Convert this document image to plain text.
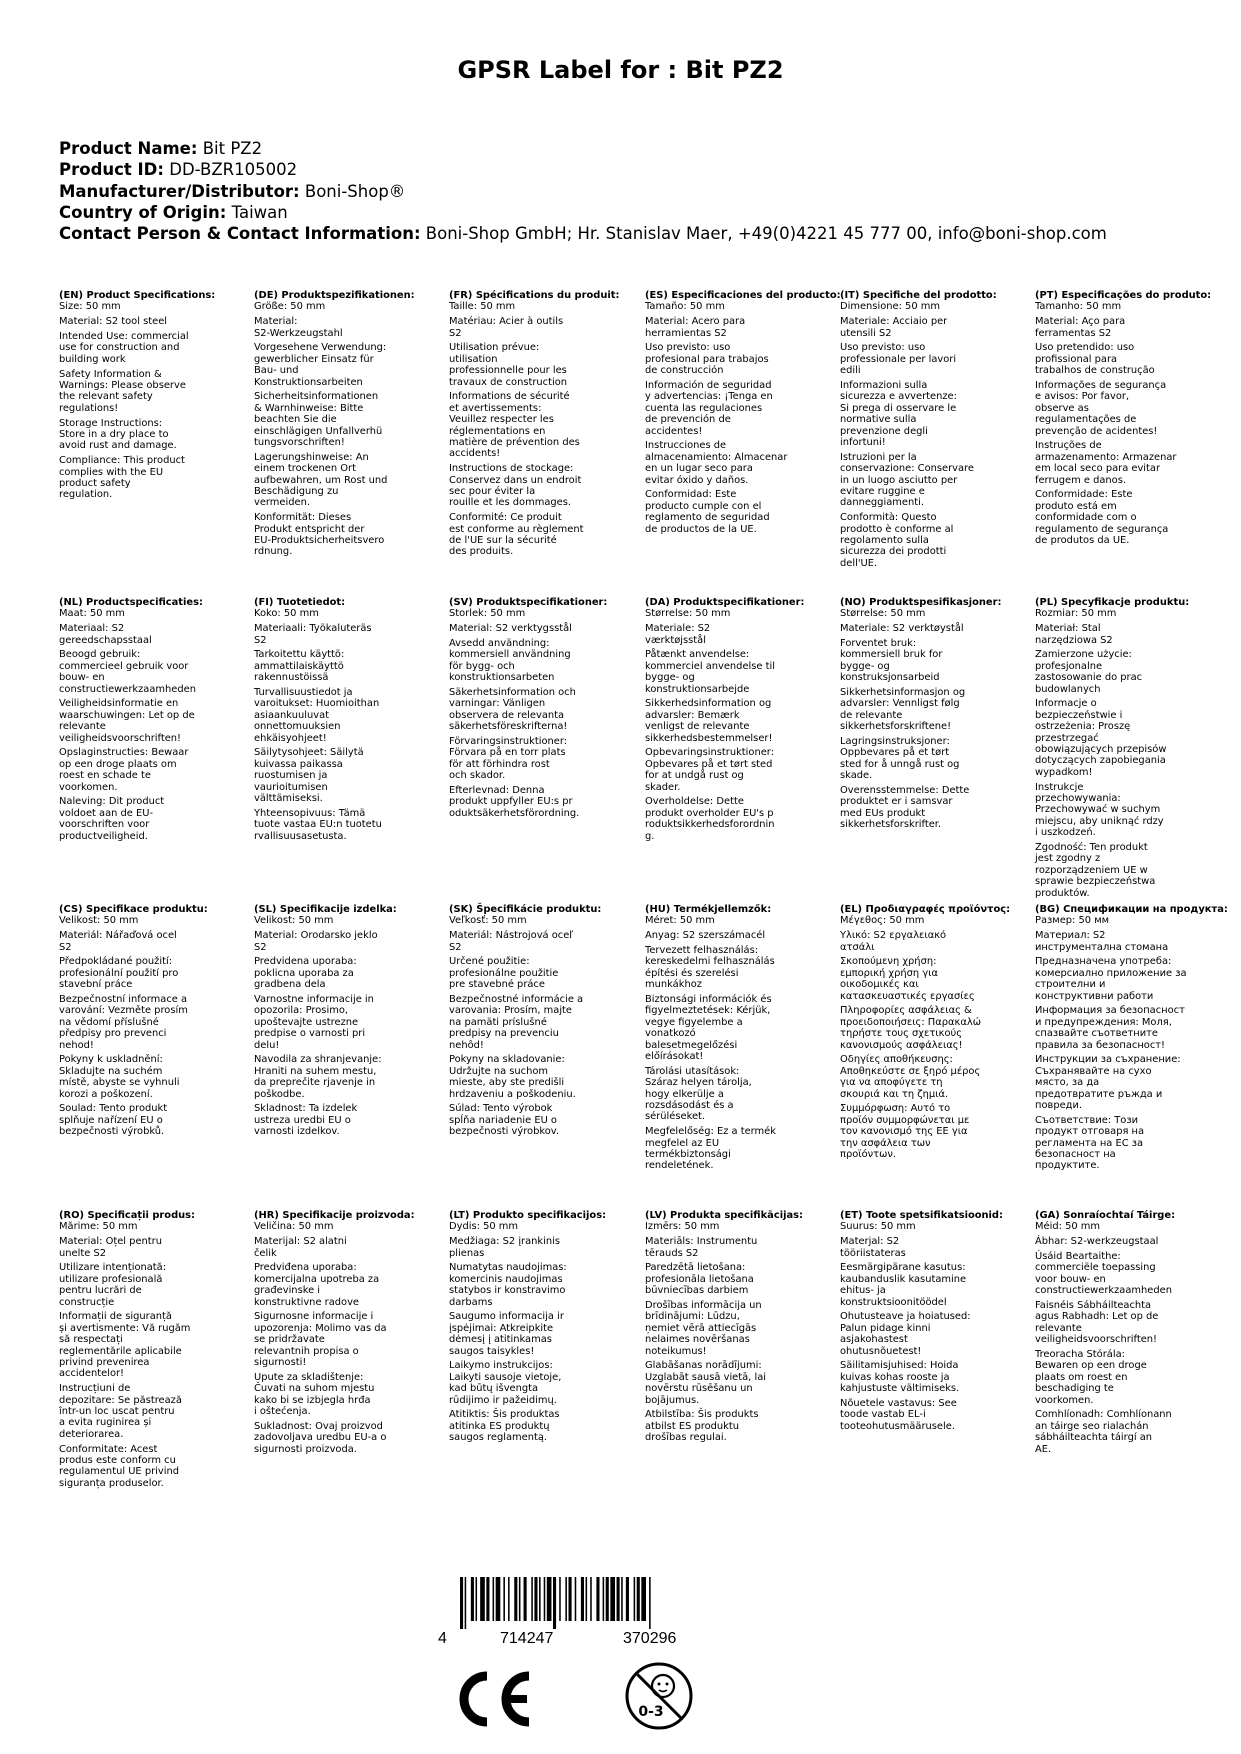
GPSR Label for : Bit PZ2
Product Name: Bit PZ2
Product ID: DD-BZR105002
Manufacturer/Distributor: Boni-Shop®
Country of Origin: Taiwan
Contact Person & Contact Information: Boni-Shop GmbH; Hr. Stanislav Maer, +49(0)4221 45 777 00, info@boni-shop.com
(EN) Product Specifications:

Size: 50 mm

Material: S2 tool steel

Intended Use: commercial
use for construction and
building work

Safety Information &
Warnings: Please observe
the relevant safety
regulations!

Storage Instructions:
Store in a dry place to
avoid rust and damage.

Compliance: This product
complies with the EU
product safety
regulation.

(DE) Produktspezifikationen:

Größe: 50 mm

Material:
S2-Werkzeugstahl

Vorgesehene Verwendung:
gewerblicher Einsatz für
Bau- und
Konstruktionsarbeiten

Sicherheitsinformationen
& Warnhinweise: Bitte
beachten Sie die
einschlägigen Unfallverhü
tungsvorschriften!

Lagerungshinweise: An
einem trockenen Ort
aufbewahren, um Rost und
Beschädigung zu
vermeiden.

Konformität: Dieses
Produkt entspricht der
EU-Produktsicherheitsvero
rdnung.

(FR) Spécifications du produit:

Taille: 50 mm

Matériau: Acier à outils
S2

Utilisation prévue:
utilisation
professionnelle pour les
travaux de construction

Informations de sécurité
et avertissements:
Veuillez respecter les
réglementations en
matière de prévention des
accidents!

Instructions de stockage:
Conservez dans un endroit
sec pour éviter la
rouille et les dommages.

Conformité: Ce produit
est conforme au règlement
de l'UE sur la sécurité
des produits.

(ES) Especificaciones del producto:

Tamaño: 50 mm

Material: Acero para
herramientas S2

Uso previsto: uso
profesional para trabajos
de construcción

Información de seguridad
y advertencias: ¡Tenga en
cuenta las regulaciones
de prevención de
accidentes!

Instrucciones de
almacenamiento: Almacenar
en un lugar seco para
evitar óxido y daños.

Conformidad: Este
producto cumple con el
reglamento de seguridad
de productos de la UE.

(IT) Specifiche del prodotto:

Dimensione: 50 mm

Materiale: Acciaio per
utensili S2

Uso previsto: uso
professionale per lavori
edili

Informazioni sulla
sicurezza e avvertenze:
Si prega di osservare le
normative sulla
prevenzione degli
infortuni!

Istruzioni per la
conservazione: Conservare
in un luogo asciutto per
evitare ruggine e
danneggiamenti.

Conformità: Questo
prodotto è conforme al
regolamento sulla
sicurezza dei prodotti
dell'UE.

(PT) Especificações do produto:

Tamanho: 50 mm

Material: Aço para
ferramentas S2

Uso pretendido: uso
profissional para
trabalhos de construção

Informações de segurança
e avisos: Por favor,
observe as
regulamentações de
prevenção de acidentes!

Instruções de
armazenamento: Armazenar
em local seco para evitar
ferrugem e danos.

Conformidade: Este
produto está em
conformidade com o
regulamento de segurança
de produtos da UE.

(NL) Productspecificaties:

Maat: 50 mm

Materiaal: S2
gereedschapsstaal

Beoogd gebruik:
commercieel gebruik voor
bouw- en
constructiewerkzaamheden

Veiligheidsinformatie en
waarschuwingen: Let op de
relevante
veiligheidsvoorschriften!

Opslaginstructies: Bewaar
op een droge plaats om
roest en schade te
voorkomen.

Naleving: Dit product
voldoet aan de EU-
voorschriften voor
productveiligheid.

(FI) Tuotetiedot:

Koko: 50 mm

Materiaali: Työkaluteräs
S2

Tarkoitettu käyttö:
ammattilaiskäyttö
rakennustöissä

Turvallisuustiedot ja
varoitukset: Huomioithan
asiaankuuluvat
onnettomuuksien
ehkäisyohjeet!

Säilytysohjeet: Säilytä
kuivassa paikassa
ruostumisen ja
vaurioitumisen
välttämiseksi.

Yhteensopivuus: Tämä
tuote vastaa EU:n tuotetu
rvallisuusasetusta.

(SV) Produktspecifikationer:

Storlek: 50 mm

Material: S2 verktygsstål

Avsedd användning:
kommersiell användning
för bygg- och
konstruktionsarbeten

Säkerhetsinformation och
varningar: Vänligen
observera de relevanta
säkerhetsföreskrifterna!

Förvaringsinstruktioner:
Förvara på en torr plats
för att förhindra rost
och skador.

Efterlevnad: Denna
produkt uppfyller EU:s pr
oduktsäkerhetsförordning.

(DA) Produktspecifikationer:

Størrelse: 50 mm

Materiale: S2
værktøjsstål

Påtænkt anvendelse:
kommerciel anvendelse til
bygge- og
konstruktionsarbejde

Sikkerhedsinformation og
advarsler: Bemærk
venligst de relevante
sikkerhedsbestemmelser!

Opbevaringsinstruktioner:
Opbevares på et tørt sted
for at undgå rust og
skader.

Overholdelse: Dette
produkt overholder EU's p
roduktsikkerhedsforordnin
g.

(NO) Produktspesifikasjoner:

Størrelse: 50 mm

Materiale: S2 verktøystål

Forventet bruk:
kommersiell bruk for
bygge- og
konstruksjonsarbeid

Sikkerhetsinformasjon og
advarsler: Vennligst følg
de relevante
sikkerhetsforskriftene!

Lagringsinstruksjoner:
Oppbevares på et tørt
sted for å unngå rust og
skade.

Overensstemmelse: Dette
produktet er i samsvar
med EUs produkt
sikkerhetsforskrifter.

(PL) Specyfikacje produktu:

Rozmiar: 50 mm

Materiał: Stal
narzędziowa S2

Zamierzone użycie:
profesjonalne
zastosowanie do prac
budowlanych

Informacje o
bezpieczeństwie i
ostrzeżenia: Proszę
przestrzegać
obowiązujących przepisów
dotyczących zapobiegania
wypadkom!

Instrukcje
przechowywania:
Przechowywać w suchym
miejscu, aby uniknąć rdzy
i uszkodzeń.

Zgodność: Ten produkt
jest zgodny z
rozporządzeniem UE w
sprawie bezpieczeństwa
produktów.

(CS) Specifikace produktu:

Velikost: 50 mm

Materiál: Nářaďová ocel
S2

Předpokládané použití:
profesionální použití pro
stavební práce

Bezpečnostní informace a
varování: Vezměte prosím
na vědomí příslušné
předpisy pro prevenci
nehod!

Pokyny k uskladnění:
Skladujte na suchém
místě, abyste se vyhnuli
korozi a poškození.

Soulad: Tento produkt
splňuje nařízení EU o
bezpečnosti výrobků.

(SL) Specifikacije izdelka:

Velikost: 50 mm

Material: Orodarsko jeklo
S2

Predvidena uporaba:
poklicna uporaba za
gradbena dela

Varnostne informacije in
opozorila: Prosimo,
upoštevajte ustrezne
predpise o varnosti pri
delu!

Navodila za shranjevanje:
Hraniti na suhem mestu,
da preprečite rjavenje in
poškodbe.

Skladnost: Ta izdelek
ustreza uredbi EU o
varnosti izdelkov.

(SK) Špecifikácie produktu:

Veľkosť: 50 mm

Materiál: Nástrojová oceľ
S2

Určené použitie:
profesionálne použitie
pre stavebné práce

Bezpečnostné informácie a
varovania: Prosím, majte
na pamäti príslušné
predpisy na prevenciu
nehôd!

Pokyny na skladovanie:
Udržujte na suchom
mieste, aby ste predišli
hrdzaveniu a poškodeniu.

Súlad: Tento výrobok
spĺňa nariadenie EU o
bezpečnosti výrobkov.

(HU) Termékjellemzők:

Méret: 50 mm

Anyag: S2 szerszámacél

Tervezett felhasználás:
kereskedelmi felhasználás
építési és szerelési
munkákhoz

Biztonsági információk és
figyelmeztetések: Kérjük,
vegye figyelembe a
vonatkozó
balesetmegelőzési
előírásokat!

Tárolási utasítások:
Száraz helyen tárolja,
hogy elkerülje a
rozsdásodást és a
sérüléseket.

Megfelelőség: Ez a termék
megfelel az EU
termékbiztonsági
rendeletének.

(EL) Προδιαγραφές προϊόντος:

Μέγεθος: 50 mm

Υλικό: S2 εργαλειακό
ατσάλι

Σκοπούμενη χρήση:
εμπορική χρήση για
οικοδομικές και
κατασκευαστικές εργασίες

Πληροφορίες ασφάλειας &
προειδοποιήσεις: Παρακαλώ
τηρήστε τους σχετικούς
κανονισμούς ασφάλειας!

Οδηγίες αποθήκευσης:
Αποθηκεύστε σε ξηρό μέρος
για να αποφύγετε τη
σκουριά και τη ζημιά.

Συμμόρφωση: Αυτό το
προϊόν συμμορφώνεται με
τον κανονισμό της ΕΕ για
την ασφάλεια των
προϊόντων.

(BG) Спецификации на продукта:

Размер: 50 мм

Материал: S2
инструментална стомана

Предназначена употреба:
комерсиално приложение за
строителни и
конструктивни работи

Информация за безопасност
и предупреждения: Моля,
спазвайте съответните
правила за безопасност!

Инструкции за съхранение:
Съхранявайте на сухо
място, за да
предотвратите ръжда и
повреди.

Съответствие: Този
продукт отговаря на
регламента на ЕС за
безопасност на
продуктите.

(RO) Specificații produs:

Mărime: 50 mm

Material: Oțel pentru
unelte S2

Utilizare intenționată:
utilizare profesională
pentru lucrări de
construcție

Informații de siguranță
și avertismente: Vă rugăm
să respectați
reglementările aplicabile
privind prevenirea
accidentelor!

Instrucțiuni de
depozitare: Se păstrează
într-un loc uscat pentru
a evita ruginirea și
deteriorarea.

Conformitate: Acest
produs este conform cu
regulamentul UE privind
siguranța produselor.

(HR) Specifikacije proizvoda:

Veličina: 50 mm

Materijal: S2 alatni
čelik

Predviđena uporaba:
komercijalna upotreba za
građevinske i
konstruktivne radove

Sigurnosne informacije i
upozorenja: Molimo vas da
se pridržavate
relevantnih propisa o
sigurnosti!

Upute za skladištenje:
Čuvati na suhom mjestu
kako bi se izbjegla hrđa
i oštećenja.

Sukladnost: Ovaj proizvod
zadovoljava uredbu EU-a o
sigurnosti proizvoda.

(LT) Produkto specifikacijos:

Dydis: 50 mm

Medžiaga: S2 įrankinis
plienas

Numatytas naudojimas:
komercinis naudojimas
statybos ir konstravimo
darbams

Saugumo informacija ir
įspėjimai: Atkreipkite
dėmesį į atitinkamas
saugos taisykles!

Laikymo instrukcijos:
Laikyti sausoje vietoje,
kad būtų išvengta
rūdijimo ir pažeidimų.

Atitiktis: Šis produktas
atitinka ES produktų
saugos reglamentą.

(LV) Produkta specifikācijas:

Izmērs: 50 mm

Materiāls: Instrumentu
tērauds S2

Paredzētā lietošana:
profesionāla lietošana
būvniecības darbiem

Drošības informācija un
brīdinājumi: Lūdzu,
ņemiet vērā attiecīgās
nelaimes novēršanas
noteikumus!

Glabāšanas norādījumi:
Uzglabāt sausā vietā, lai
novērstu rūsēšanu un
bojājumus.

Atbilstība: Šis produkts
atbilst ES produktu
drošības regulai.

(ET) Toote spetsifikatsioonid:

Suurus: 50 mm

Materjal: S2
tööriistateras

Eesmärgipärane kasutus:
kaubanduslik kasutamine
ehitus- ja
konstruktsioonitöödel

Ohutusteave ja hoiatused:
Palun pidage kinni
asjakohastest
ohutusnõuetest!

Säilitamisjuhised: Hoida
kuivas kohas rooste ja
kahjustuste vältimiseks.

Nõuetele vastavus: See
toode vastab EL-i
tooteohutusmäärusele.

(GA) Sonraíochtaí Táirge:

Méid: 50 mm

Ábhar: S2-werkzeugstaal

Úsáid Beartaithe:
commerciële toepassing
voor bouw- en
constructiewerkzaamheden

Faisnéis Sábháilteachta
agus Rabhadh: Let op de
relevante
veiligheidsvoorschriften!

Treoracha Stórála:
Bewaren op een droge
plaats om roest en
beschadiging te
voorkomen.

Comhlíonadh: Comhlíonann
an táirge seo rialachán
sábháilteachta táirgí an
AE.

4	714247	370296
0-3
